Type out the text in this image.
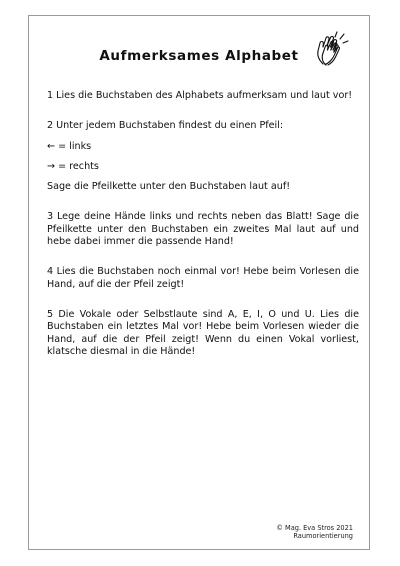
Aufmerksames Alphabet

1 Lies die Buchstaben des Alphabets aufmerksam und laut vor!

2 Unter jedem Buchstaben findest du einen Pfeil:
← = links
→ = rechts
Sage die Pfeilkette unter den Buchstaben laut auf!

3 Lege deine Hände links und rechts neben das Blatt! Sage die Pfeilkette unter den Buchstaben ein zweites Mal laut auf und hebe dabei immer die passende Hand!

4 Lies die Buchstaben noch einmal vor! Hebe beim Vorlesen die Hand, auf die der Pfeil zeigt!

5 Die Vokale oder Selbstlaute sind A, E, I, O und U. Lies die Buchstaben ein letztes Mal vor! Hebe beim Vorlesen wieder die Hand, auf die der Pfeil zeigt! Wenn du einen Vokal vorliest, klatsche diesmal in die Hände!

© Mag. Eva Stros 2021
Raumorientierung
